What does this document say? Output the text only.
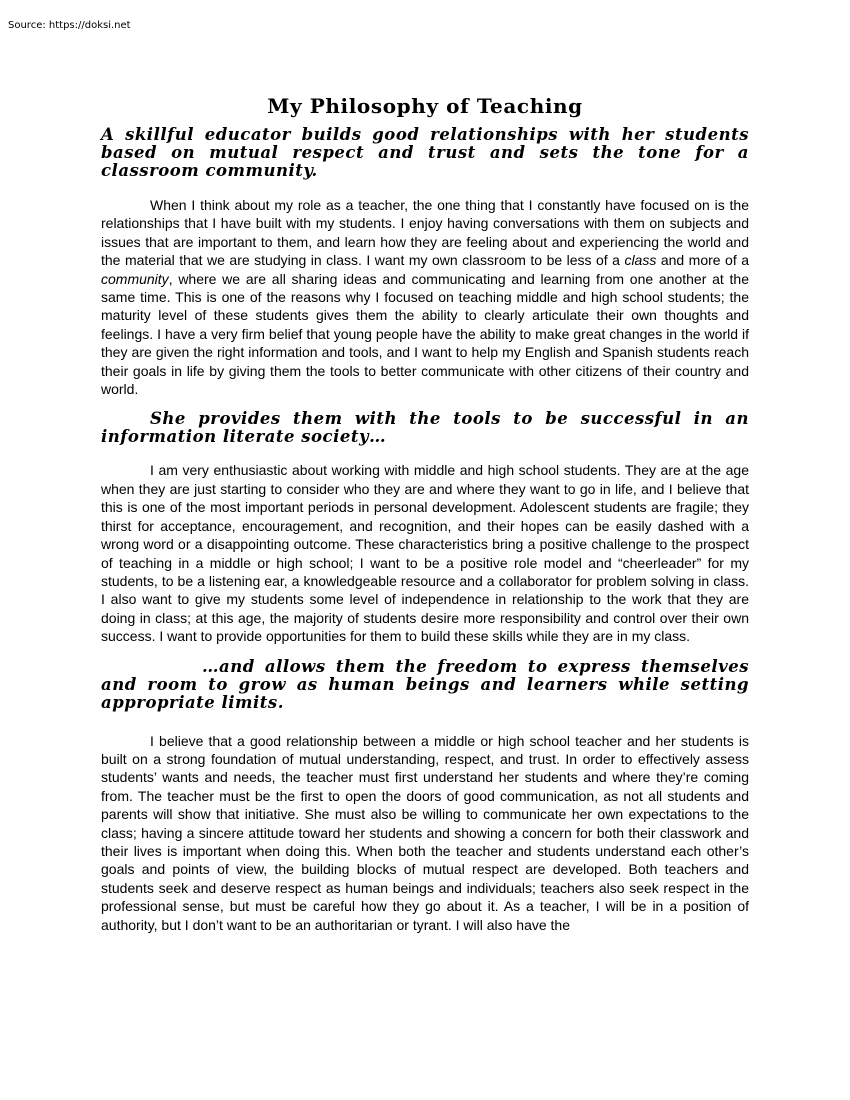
Source: https://doksi.net
My Philosophy of Teaching

A skillful educator builds good relationships with her students based on mutual respect and trust and sets the tone for a classroom community.

When I think about my role as a teacher, the one thing that I constantly have focused on is the relationships that I have built with my students. I enjoy having conversations with them on subjects and issues that are important to them, and learn how they are feeling about and experiencing the world and the material that we are studying in class. I want my own classroom to be less of a class and more of a community, where we are all sharing ideas and communicating and learning from one another at the same time. This is one of the reasons why I focused on teaching middle and high school students; the maturity level of these students gives them the ability to clearly articulate their own thoughts and feelings. I have a very firm belief that young people have the ability to make great changes in the world if they are given the right information and tools, and I want to help my English and Spanish students reach their goals in life by giving them the tools to better communicate with other citizens of their country and world.

She provides them with the tools to be successful in an information literate society…

I am very enthusiastic about working with middle and high school students. They are at the age when they are just starting to consider who they are and where they want to go in life, and I believe that this is one of the most important periods in personal development. Adolescent students are fragile; they thirst for acceptance, encouragement, and recognition, and their hopes can be easily dashed with a wrong word or a disappointing outcome. These characteristics bring a positive challenge to the prospect of teaching in a middle or high school; I want to be a positive role model and “cheerleader” for my students, to be a listening ear, a knowledgeable resource and a collaborator for problem solving in class. I also want to give my students some level of independence in relationship to the work that they are doing in class; at this age, the majority of students desire more responsibility and control over their own success. I want to provide opportunities for them to build these skills while they are in my class.

…and allows them the freedom to express themselves and room to grow as human beings and learners while setting appropriate limits.

I believe that a good relationship between a middle or high school teacher and her students is built on a strong foundation of mutual understanding, respect, and trust. In order to effectively assess students’ wants and needs, the teacher must first understand her students and where they’re coming from. The teacher must be the first to open the doors of good communication, as not all students and parents will show that initiative. She must also be willing to communicate her own expectations to the class; having a sincere attitude toward her students and showing a concern for both their classwork and their lives is important when doing this. When both the teacher and students understand each other’s goals and points of view, the building blocks of mutual respect are developed. Both teachers and students seek and deserve respect as human beings and individuals; teachers also seek respect in the professional sense, but must be careful how they go about it. As a teacher, I will be in a position of authority, but I don’t want to be an authoritarian or tyrant. I will also have the
